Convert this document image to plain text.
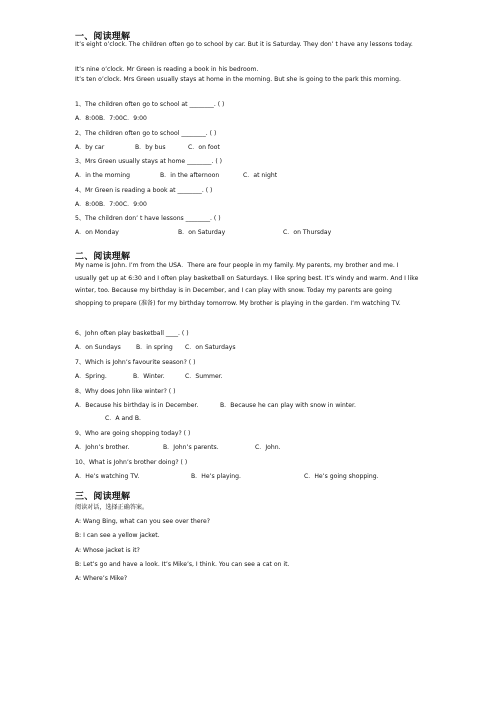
一、阅读理解
It’s eight o’clock. The children often go to school by car. But it is Saturday. They don’ t have any lessons today.
It’s nine o’clock. Mr Green is reading a book in his bedroom.
It’s ten o’clock. Mrs Green usually stays at home in the morning. But she is going to the park this morning.
1、The children often go to school at ________. ( )
A．8:00B．7:00C．9:00
2、The children often go to school ________. ( )
A．by car	B．by bus	C．on foot
3、Mrs Green usually stays at home ________. ( )
A．in the morning	B．in the afternoon	C．at night
4、Mr Green is reading a book at ________. ( )
A．8:00B．7:00C．9:00
5、The children don’ t have lessons ________. ( )
A．on Monday	B．on Saturday	C．on Thursday
二、阅读理解
My name is John. I’m from the USA．There are four people in my family. My parents, my brother and me. I usually get up at 6:30 and I often play basketball on Saturdays. I like spring best. It’s windy and warm. And I like winter, too. Because my birthday is in December, and I can play with snow. Today my parents are going shopping to prepare (准备) for my birthday tomorrow. My brother is playing in the garden. I’m watching TV.
6、John often play basketball ____. ( )
A．on Sundays B．in spring C．on Saturdays
7、Which is John’s favourite season? ( )
A．Spring.	B．Winter.	C．Summer.
8、Why does John like winter? ( )
A．Because his birthday is in December.	B．Because he can play with snow in winter.
C．A and B.
9、Who are going shopping today? ( )
A．John’s brother.	B．John’s parents.	C．John.
10、What is John’s brother doing? ( )
A．He’s watching TV.	B．He’s playing.	C．He’s going shopping.
三、阅读理解
阅读对话，选择正确答案。
A: Wang Bing, what can you see over there?
B: I can see a yellow jacket.
A: Whose jacket is it?
B: Let’s go and have a look. It’s Mike’s, I think. You can see a cat on it.
A: Where’s Mike?
